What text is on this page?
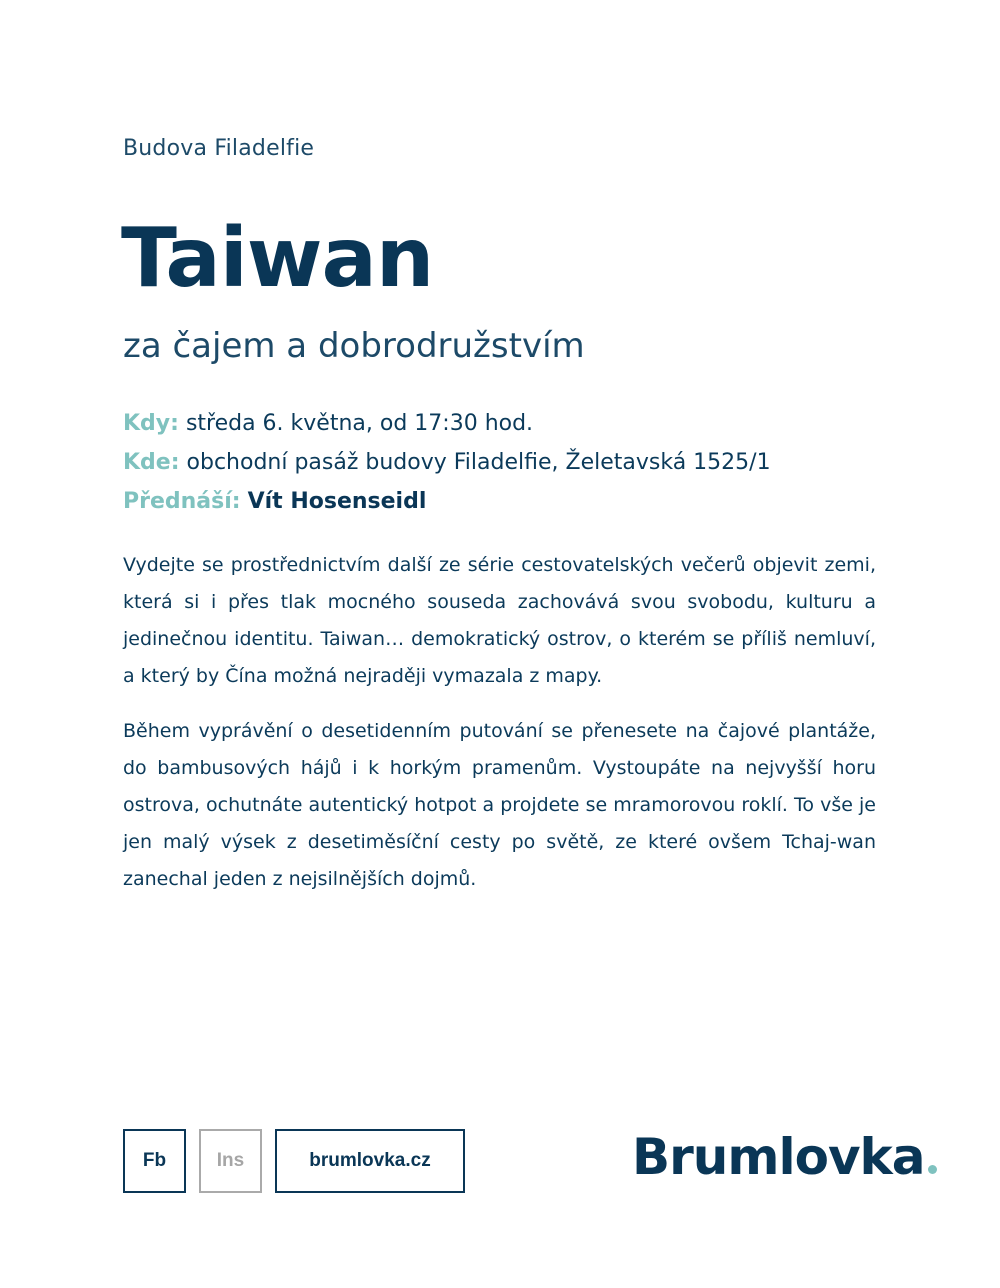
Budova Filadelfie
Taiwan
za čajem a dobrodružstvím
Kdy: středa 6. května, od 17:30 hod.
Kde: obchodní pasáž budovy Filadelfie, Želetavská 1525/1
Přednáší: Vít Hosenseidl

Vydejte se prostřednictvím další ze série cestovatelských večerů objevit zemi, která si i přes tlak mocného souseda zachovává svou svobodu, kulturu a jedinečnou identitu. Taiwan… demokratický ostrov, o kterém se příliš nemluví, a který by Čína možná nejraději vymazala z mapy.

Během vyprávění o desetidenním putování se přenesete na čajové plantáže, do bambusových hájů i k horkým pramenům. Vystoupáte na nejvyšší horu ostrova, ochutnáte autentický hotpot a projdete se mramorovou roklí. To vše je jen malý výsek z desetiměsíční cesty po světě, ze které ovšem Tchaj-wan zanechal jeden z nejsilnějších dojmů.

Fb	Ins	brumlovka.cz	Brumlovka
